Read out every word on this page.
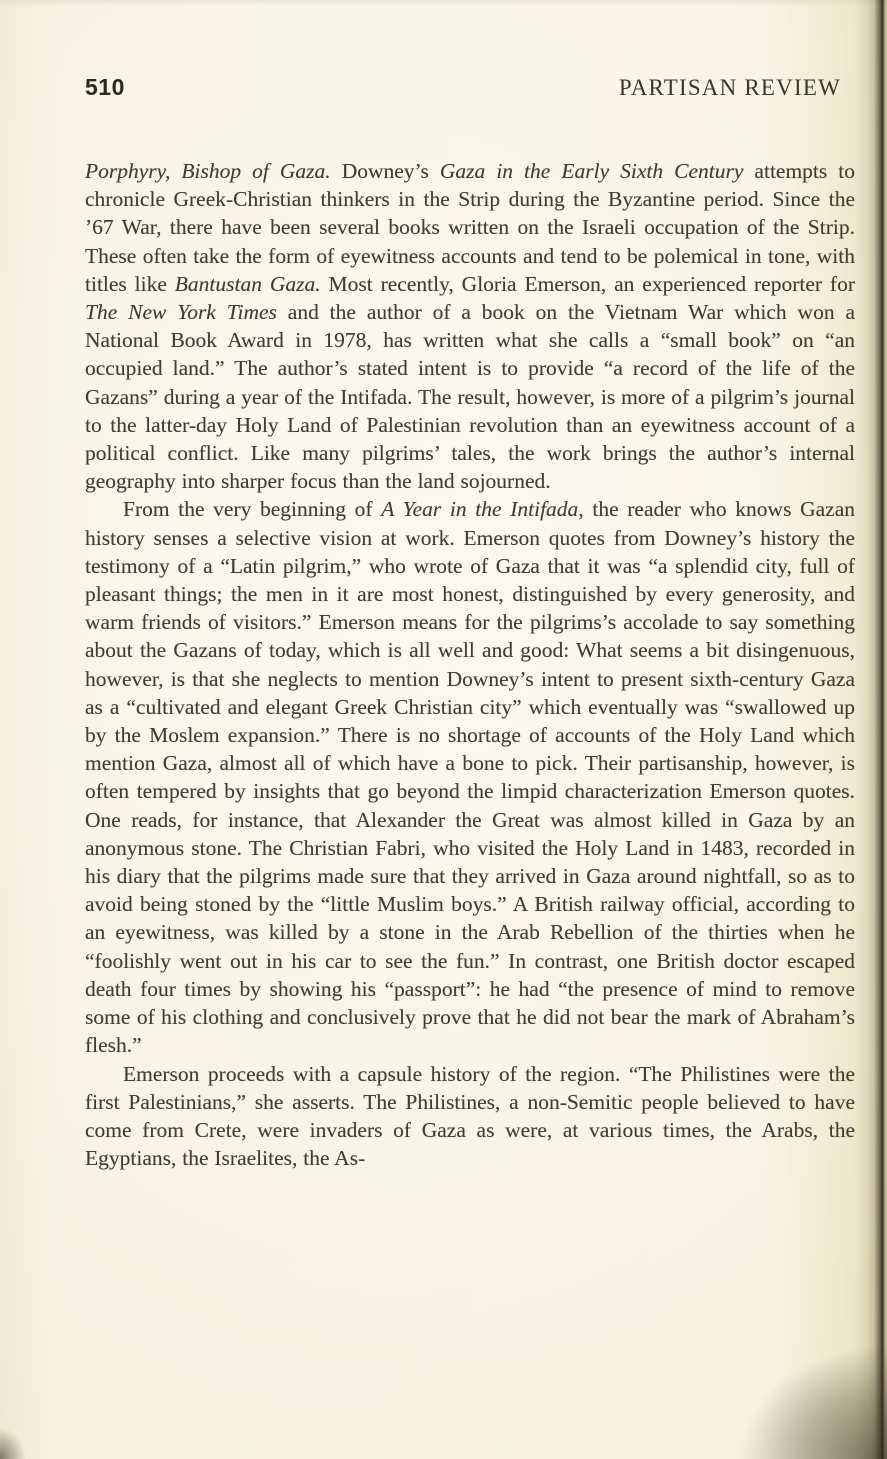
510	PARTISAN REVIEW

Porphyry, Bishop of Gaza. Downey’s Gaza in the Early Sixth Century attempts to chronicle Greek-Christian thinkers in the Strip during the Byzantine period. Since the ’67 War, there have been several books written on the Israeli occupation of the Strip. These often take the form of eyewitness accounts and tend to be polemical in tone, with titles like Bantustan Gaza. Most recently, Gloria Emerson, an experienced reporter for The New York Times and the author of a book on the Vietnam War which won a National Book Award in 1978, has written what she calls a “small book” on “an occupied land.” The author’s stated intent is to provide “a record of the life of the Gazans” during a year of the Intifada. The result, however, is more of a pilgrim’s journal to the latter-day Holy Land of Palestinian revolution than an eyewitness account of a political conflict. Like many pilgrims’ tales, the work brings the author’s internal geography into sharper focus than the land sojourned.

From the very beginning of A Year in the Intifada, the reader who knows Gazan history senses a selective vision at work. Emerson quotes from Downey’s history the testimony of a “Latin pilgrim,” who wrote of Gaza that it was “a splendid city, full of pleasant things; the men in it are most honest, distinguished by every generosity, and warm friends of visitors.” Emerson means for the pilgrims’s accolade to say something about the Gazans of today, which is all well and good: What seems a bit disingenuous, however, is that she neglects to mention Downey’s intent to present sixth-century Gaza as a “cultivated and elegant Greek Christian city” which eventually was “swallowed up by the Moslem expansion.” There is no shortage of accounts of the Holy Land which mention Gaza, almost all of which have a bone to pick. Their partisanship, however, is often tempered by insights that go beyond the limpid characterization Emerson quotes. One reads, for instance, that Alexander the Great was almost killed in Gaza by an anonymous stone. The Christian Fabri, who visited the Holy Land in 1483, recorded in his diary that the pilgrims made sure that they arrived in Gaza around nightfall, so as to avoid being stoned by the “little Muslim boys.” A British railway official, according to an eyewitness, was killed by a stone in the Arab Rebellion of the thirties when he “foolishly went out in his car to see the fun.” In contrast, one British doctor escaped death four times by showing his “passport”: he had “the presence of mind to remove some of his clothing and conclusively prove that he did not bear the mark of Abraham’s flesh.”

Emerson proceeds with a capsule history of the region. “The Philistines were the first Palestinians,” she asserts. The Philistines, a non-Semitic people believed to have come from Crete, were invaders of Gaza as were, at various times, the Arabs, the Egyptians, the Israelites, the As-
